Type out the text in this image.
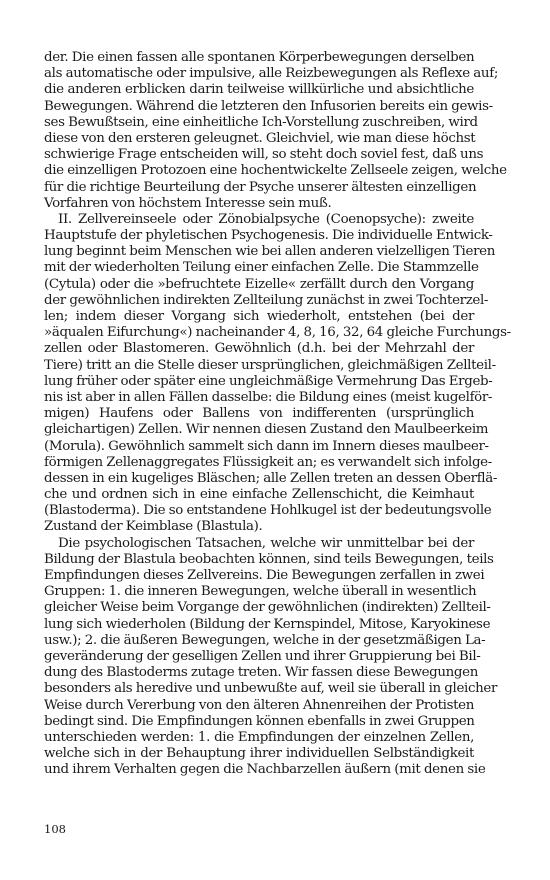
der. Die einen fassen alle spontanen Körperbewegungen derselben
als automatische oder impulsive, alle Reizbewegungen als Reflexe auf;
die anderen erblicken darin teilweise willkürliche und absichtliche
Bewegungen. Während die letzteren den Infusorien bereits ein gewis-
ses Bewußtsein, eine einheitliche Ich-Vorstellung zuschreiben, wird
diese von den ersteren geleugnet. Gleichviel, wie man diese höchst
schwierige Frage entscheiden will, so steht doch soviel fest, daß uns
die einzelligen Protozoen eine hochentwickelte Zellseele zeigen, welche
für die richtige Beurteilung der Psyche unserer ältesten einzelligen
Vorfahren von höchstem Interesse sein muß.
II. Zellvereinseele oder Zönobialpsyche (Coenopsyche): zweite
Hauptstufe der phyletischen Psychogenesis. Die individuelle Entwick-
lung beginnt beim Menschen wie bei allen anderen vielzelligen Tieren
mit der wiederholten Teilung einer einfachen Zelle. Die Stammzelle
(Cytula) oder die »befruchtete Eizelle« zerfällt durch den Vorgang
der gewöhnlichen indirekten Zellteilung zunächst in zwei Tochterzel-
len; indem dieser Vorgang sich wiederholt, entstehen (bei der
»äqualen Eifurchung«) nacheinander 4, 8, 16, 32, 64 gleiche Furchungs-
zellen oder Blastomeren. Gewöhnlich (d.h. bei der Mehrzahl der
Tiere) tritt an die Stelle dieser ursprünglichen, gleichmäßigen Zellteil-
lung früher oder später eine ungleichmäßige Vermehrung Das Ergeb-
nis ist aber in allen Fällen dasselbe: die Bildung eines (meist kugelför-
migen) Haufens oder Ballens von indifferenten (ursprünglich
gleichartigen) Zellen. Wir nennen diesen Zustand den Maulbeerkeim
(Morula). Gewöhnlich sammelt sich dann im Innern dieses maulbeer-
förmigen Zellenaggregates Flüssigkeit an; es verwandelt sich infolge-
dessen in ein kugeliges Bläschen; alle Zellen treten an dessen Oberflä-
che und ordnen sich in eine einfache Zellenschicht, die Keimhaut
(Blastoderma). Die so entstandene Hohlkugel ist der bedeutungsvolle
Zustand der Keimblase (Blastula).
Die psychologischen Tatsachen, welche wir unmittelbar bei der
Bildung der Blastula beobachten können, sind teils Bewegungen, teils
Empfindungen dieses Zellvereins. Die Bewegungen zerfallen in zwei
Gruppen: 1. die inneren Bewegungen, welche überall in wesentlich
gleicher Weise beim Vorgange der gewöhnlichen (indirekten) Zellteil-
lung sich wiederholen (Bildung der Kernspindel, Mitose, Karyokinese
usw.); 2. die äußeren Bewegungen, welche in der gesetzmäßigen La-
geveränderung der geselligen Zellen und ihrer Gruppierung bei Bil-
dung des Blastoderms zutage treten. Wir fassen diese Bewegungen
besonders als heredive und unbewußte auf, weil sie überall in gleicher
Weise durch Vererbung von den älteren Ahnenreihen der Protisten
bedingt sind. Die Empfindungen können ebenfalls in zwei Gruppen
unterschieden werden: 1. die Empfindungen der einzelnen Zellen,
welche sich in der Behauptung ihrer individuellen Selbständigkeit
und ihrem Verhalten gegen die Nachbarzellen äußern (mit denen sie
108
